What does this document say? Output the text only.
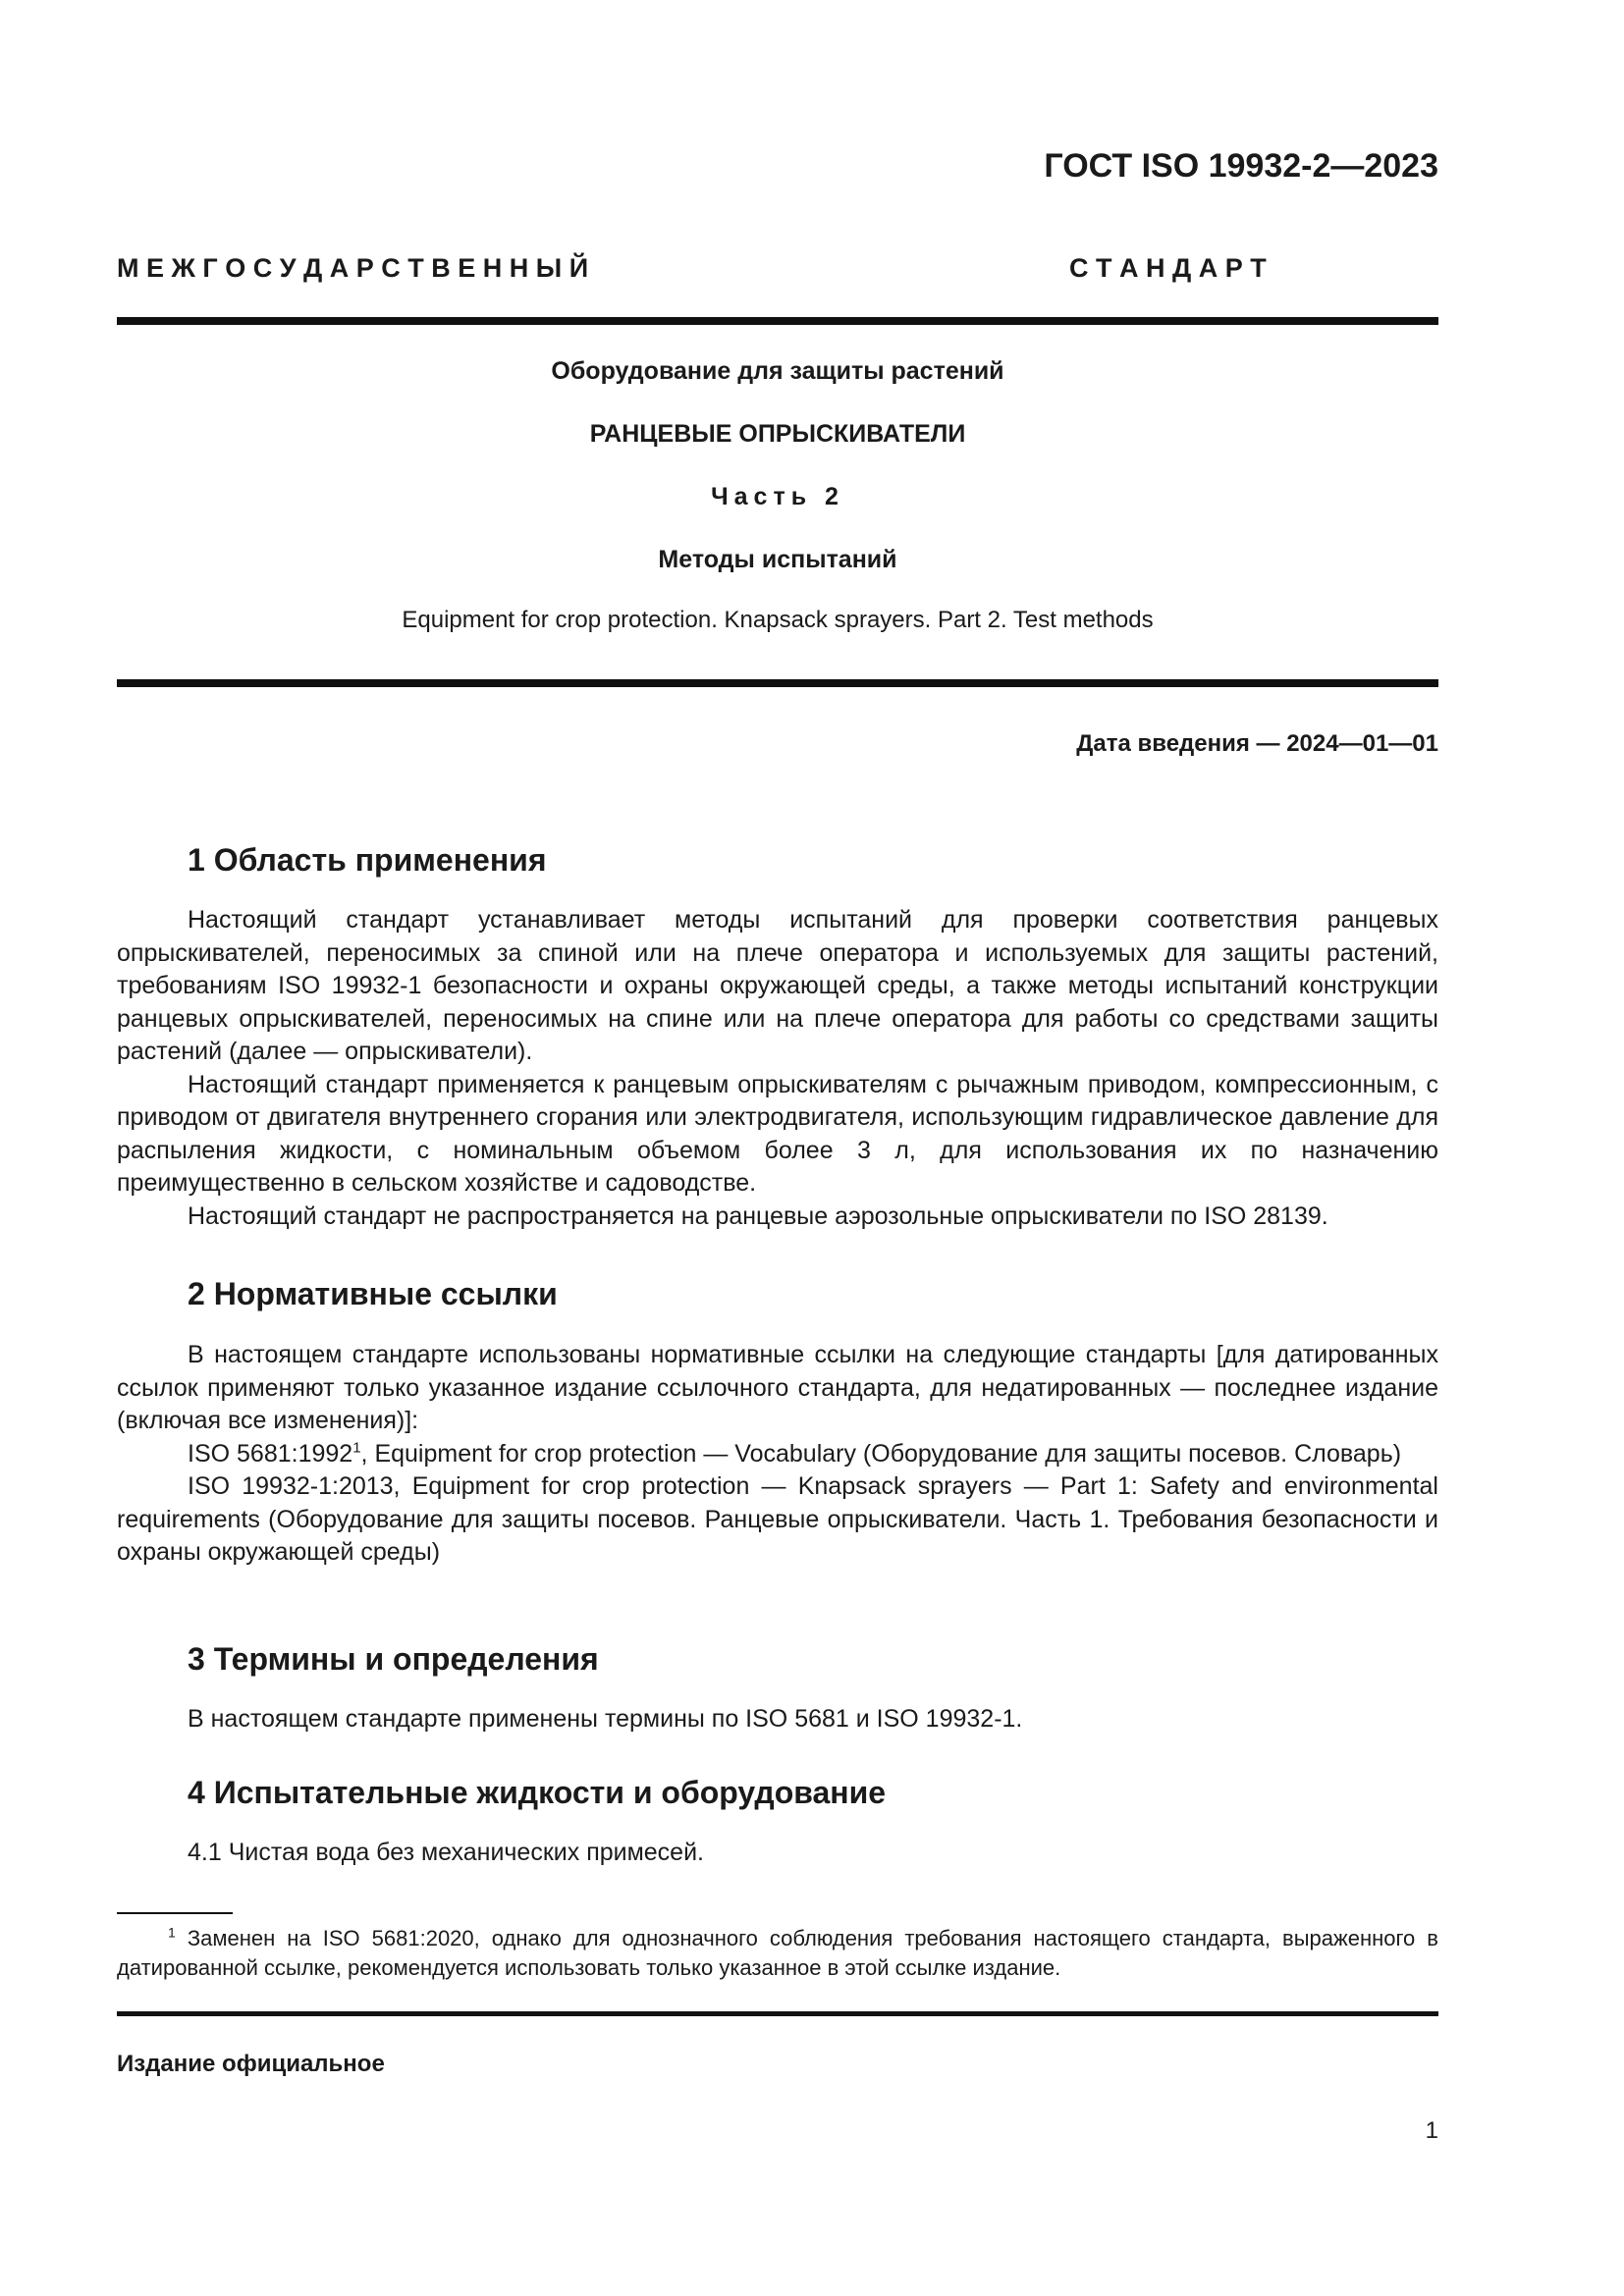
ГОСТ ISO 19932-2—2023

М Е Ж Г О С У Д А Р С Т В Е Н Н Ы Й	С Т А Н Д А Р Т

Оборудование для защиты растений

РАНЦЕВЫЕ ОПРЫСКИВАТЕЛИ

Часть 2

Методы испытаний

Equipment for crop protection. Knapsack sprayers. Part 2. Test methods

Дата введения — 2024—01—01

1 Область применения

Настоящий стандарт устанавливает методы испытаний для проверки соответствия ранцевых опрыскивателей, переносимых за спиной или на плече оператора и используемых для защиты растений, требованиям ISO 19932-1 безопасности и охраны окружающей среды, а также методы испытаний конструкции ранцевых опрыскивателей, переносимых на спине или на плече оператора для работы со средствами защиты растений (далее — опрыскиватели).

Настоящий стандарт применяется к ранцевым опрыскивателям с рычажным приводом, компрессионным, с приводом от двигателя внутреннего сгорания или электродвигателя, использующим гидравлическое давление для распыления жидкости, с номинальным объемом более 3 л, для использования их по назначению преимущественно в сельском хозяйстве и садоводстве.

Настоящий стандарт не распространяется на ранцевые аэрозольные опрыскиватели по ISO 28139.

2 Нормативные ссылки

В настоящем стандарте использованы нормативные ссылки на следующие стандарты [для датированных ссылок применяют только указанное издание ссылочного стандарта, для недатированных — последнее издание (включая все изменения)]:

ISO 5681:1992$^1$, Equipment for crop protection — Vocabulary (Оборудование для защиты посевов. Словарь)

ISO 19932-1:2013, Equipment for crop protection — Knapsack sprayers — Part 1: Safety and environmental requirements (Оборудование для защиты посевов. Ранцевые опрыскиватели. Часть 1. Требования безопасности и охраны окружающей среды)

3 Термины и определения

В настоящем стандарте применены термины по ISO 5681 и ISO 19932-1.

4 Испытательные жидкости и оборудование

4.1 Чистая вода без механических примесей.

$^1$ Заменен на ISO 5681:2020, однако для однозначного соблюдения требования настоящего стандарта, выраженного в датированной ссылке, рекомендуется использовать только указанное в этой ссылке издание.

Издание официальное

1
